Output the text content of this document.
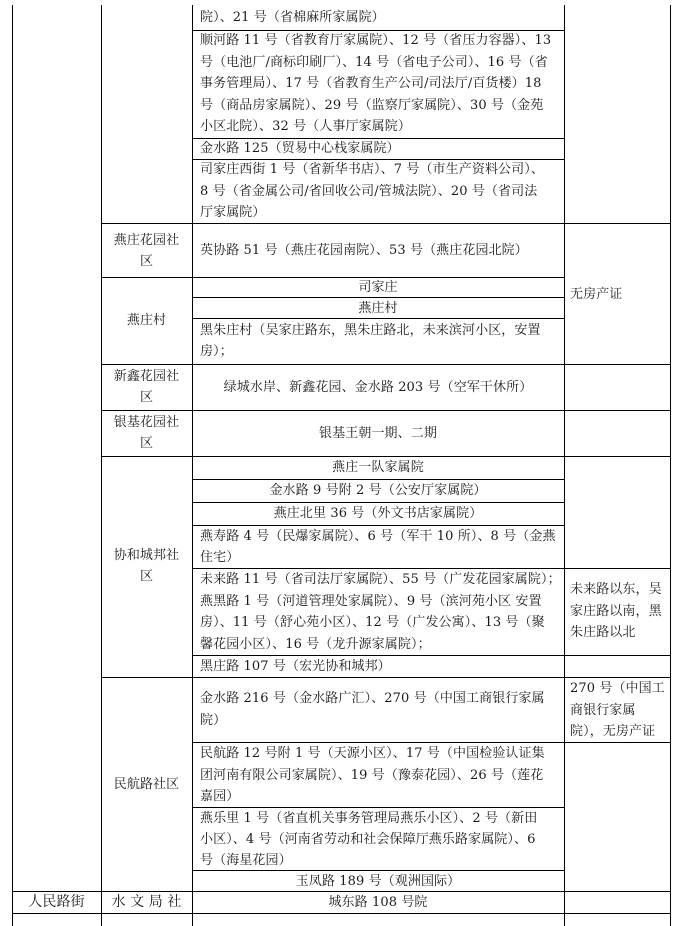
院）、21 号（省棉麻所家属院）
顺河路 11 号（省教育厅家属院）、12 号（省压力容器）、13
号（电池厂/商标印刷厂）、14 号（省电子公司）、16 号（省
事务管理局）、17 号（省教育生产公司/司法厅/百货楼）18
号（商品房家属院）、29 号（监察厅家属院）、30 号（金苑
小区北院）、32 号（人事厅家属院）
金水路 125（贸易中心栈家属院）
司家庄西街 1 号（省新华书店）、7 号（市生产资料公司）、
8 号（省金属公司/省回收公司/管城法院）、20 号（省司法
厅家属院）
燕庄花园社
区
英协路 51 号（燕庄花园南院）、53 号（燕庄花园北院）
燕庄村
司家庄
燕庄村
黑朱庄村（吴家庄路东，黑朱庄路北，未来滨河小区，安置
房）；
无房产证
新鑫花园社
区
绿城水岸、新鑫花园、金水路 203 号（空军干休所）
银基花园社
区
银基王朝一期、二期
协和城邦社
区
燕庄一队家属院
金水路 9 号附 2 号（公安厅家属院）
燕庄北里 36 号（外文书店家属院）
燕寿路 4 号（民爆家属院）、6 号（军干 10 所）、8 号（金燕
住宅）
未来路 11 号（省司法厅家属院）、55 号（广发花园家属院）；
燕黑路 1 号（河道管理处家属院）、9 号（滨河苑小区 安置
房）、11 号（舒心苑小区）、12 号（广发公寓）、13 号（聚
馨花园小区）、16 号（龙升源家属院）；
未来路以东，吴
家庄路以南，黑
朱庄路以北
黑庄路 107 号（宏光协和城邦）
民航路社区
金水路 216 号（金水路广汇）、270 号（中国工商银行家属
院）
270 号（中国工
商银行家属
院），无房产证
民航路 12 号附 1 号（天源小区）、17 号（中国检验认证集
团河南有限公司家属院）、19 号（豫泰花园）、26 号（莲花
嘉园）
燕乐里 1 号（省直机关事务管理局燕乐小区）、2 号（新田
小区）、4 号（河南省劳动和社会保障厅燕乐路家属院）、6
号（海星花园）
玉凤路 189 号（观洲国际）
人民路街	水 文 局 社	城东路 108 号院
